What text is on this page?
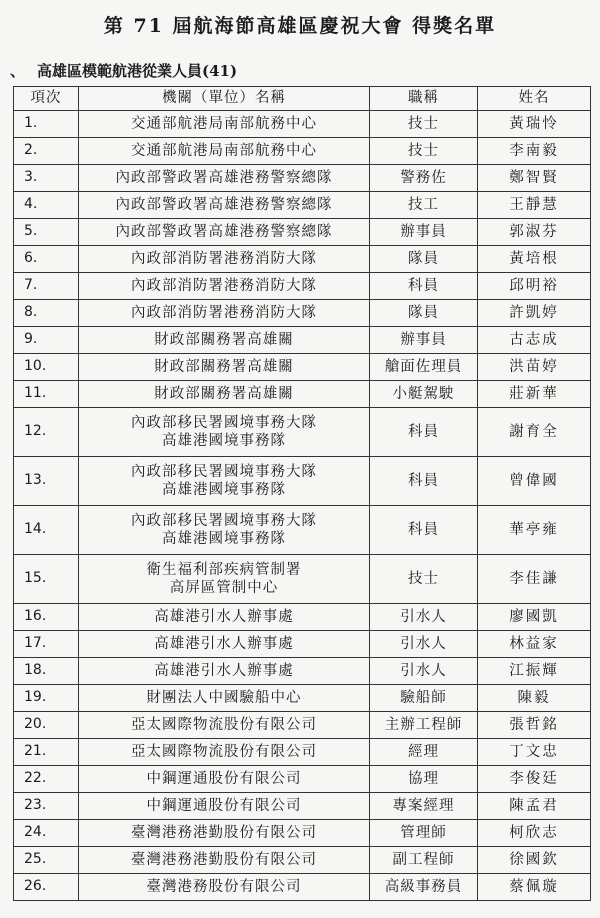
第 71 屆航海節高雄區慶祝大會 得獎名單
、 高雄區模範航港從業人員(41)
項次	機關（單位）名稱	職稱	姓名
1.	交通部航港局南部航務中心	技士	黃瑞怜
2.	交通部航港局南部航務中心	技士	李南毅
3.	內政部警政署高雄港務警察總隊	警務佐	鄭智賢
4.	內政部警政署高雄港務警察總隊	技工	王靜慧
5.	內政部警政署高雄港務警察總隊	辦事員	郭淑芬
6.	內政部消防署港務消防大隊	隊員	黃培根
7.	內政部消防署港務消防大隊	科員	邱明裕
8.	內政部消防署港務消防大隊	隊員	許凱婷
9.	財政部關務署高雄關	辦事員	古志成
10.	財政部關務署高雄關	艙面佐理員	洪苗婷
11.	財政部關務署高雄關	小艇駕駛	莊新華
12.	內政部移民署國境事務大隊
高雄港國境事務隊	科員	謝育全
13.	內政部移民署國境事務大隊
高雄港國境事務隊	科員	曾偉國
14.	內政部移民署國境事務大隊
高雄港國境事務隊	科員	華亭雍
15.	衛生福利部疾病管制署
高屏區管制中心	技士	李佳謙
16.	高雄港引水人辦事處	引水人	廖國凱
17.	高雄港引水人辦事處	引水人	林益家
18.	高雄港引水人辦事處	引水人	江振輝
19.	財團法人中國驗船中心	驗船師	陳毅
20.	亞太國際物流股份有限公司	主辦工程師	張哲銘
21.	亞太國際物流股份有限公司	經理	丁文忠
22.	中鋼運通股份有限公司	協理	李俊廷
23.	中鋼運通股份有限公司	專案經理	陳孟君
24.	臺灣港務港勤股份有限公司	管理師	柯欣志
25.	臺灣港務港勤股份有限公司	副工程師	徐國欽
26.	臺灣港務股份有限公司	高級事務員	蔡佩璇
